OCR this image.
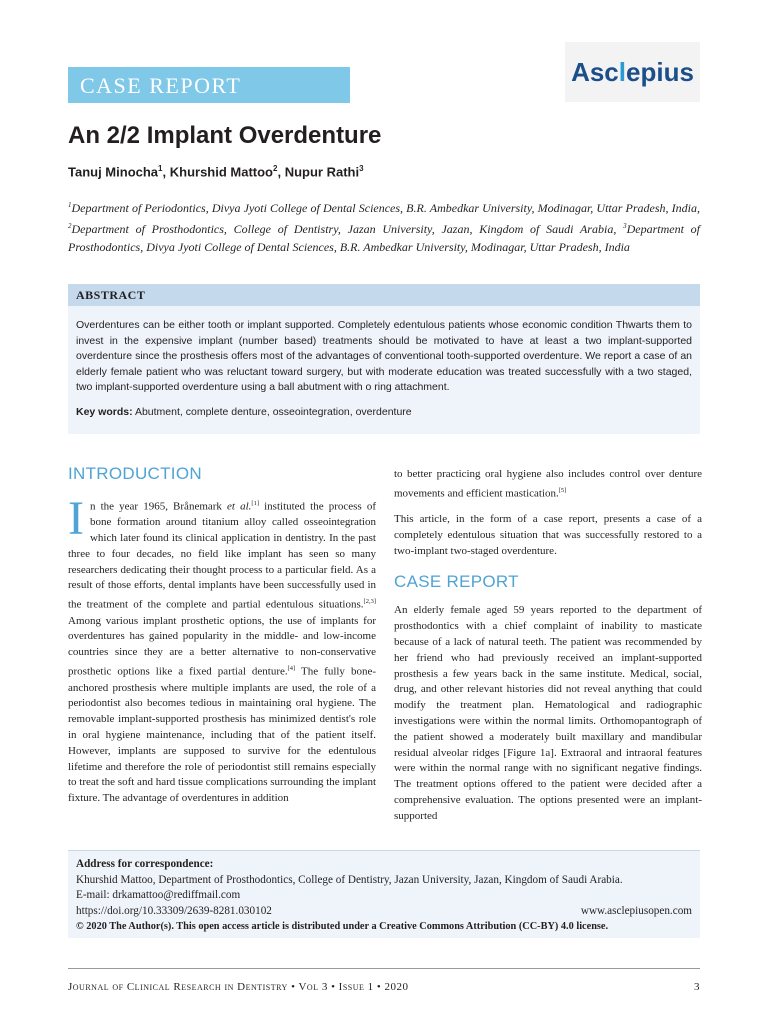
CASE REPORT	Asc l epius
An 2/2 Implant Overdenture
Tanuj Minocha$^1$, Khurshid Mattoo$^2$, Nupur Rathi$^3$
$^1$Department of Periodontics, Divya Jyoti College of Dental Sciences, B.R. Ambedkar University, Modinagar, Uttar Pradesh, India, $^2$Department of Prosthodontics, College of Dentistry, Jazan University, Jazan, Kingdom of Saudi Arabia, $^3$Department of Prosthodontics, Divya Jyoti College of Dental Sciences, B.R. Ambedkar University, Modinagar, Uttar Pradesh, India
ABSTRACT

Overdentures can be either tooth or implant supported. Completely edentulous patients whose economic condition Thwarts them to invest in the expensive implant (number based) treatments should be motivated to have at least a two implant-supported overdenture since the prosthesis offers most of the advantages of conventional tooth-supported overdenture. We report a case of an elderly female patient who was reluctant toward surgery, but with moderate education was treated successfully with a two staged, two implant-supported overdenture using a ball abutment with o ring attachment.

Key words: Abutment, complete denture, osseointegration, overdenture

INTRODUCTION

In the year 1965, Brånemark et al.[1] instituted the process of bone formation around titanium alloy called osseointegration which later found its clinical application in dentistry. In the past three to four decades, no field like implant has seen so many researchers dedicating their thought process to a particular field. As a result of those efforts, dental implants have been successfully used in the treatment of the complete and partial edentulous situations.[2,3] Among various implant prosthetic options, the use of implants for overdentures has gained popularity in the middle- and low-income countries since they are a better alternative to non-conservative prosthetic options like a fixed partial denture.[4] The fully bone-anchored prosthesis where multiple implants are used, the role of a periodontist also becomes tedious in maintaining oral hygiene. The removable implant-supported prosthesis has minimized dentist's role in oral hygiene maintenance, including that of the patient itself. However, implants are supposed to survive for the edentulous lifetime and therefore the role of periodontist still remains especially to treat the soft and hard tissue complications surrounding the implant fixture. The advantage of overdentures in addition

to better practicing oral hygiene also includes control over denture movements and efficient mastication.[5]

This article, in the form of a case report, presents a case of a completely edentulous situation that was successfully restored to a two-implant two-staged overdenture.

CASE REPORT

An elderly female aged 59 years reported to the department of prosthodontics with a chief complaint of inability to masticate because of a lack of natural teeth. The patient was recommended by her friend who had previously received an implant-supported prosthesis a few years back in the same institute. Medical, social, drug, and other relevant histories did not reveal anything that could modify the treatment plan. Hematological and radiographic investigations were within the normal limits. Orthomopantograph of the patient showed a moderately built maxillary and mandibular residual alveolar ridges [Figure 1a]. Extraoral and intraoral features were within the normal range with no significant negative findings. The treatment options offered to the patient were decided after a comprehensive evaluation. The options presented were an implant-supported

Address for correspondence:
Khurshid Mattoo, Department of Prosthodontics, College of Dentistry, Jazan University, Jazan, Kingdom of Saudi Arabia.
E-mail: drkamattoo@rediffmail.com
https://doi.org/10.33309/2639-8281.030102	www.asclepiusopen.com
© 2020 The Author(s). This open access article is distributed under a Creative Commons Attribution (CC-BY) 4.0 license.
Journal of Clinical Research in Dentistry • Vol 3 • Issue 1 • 2020	3
